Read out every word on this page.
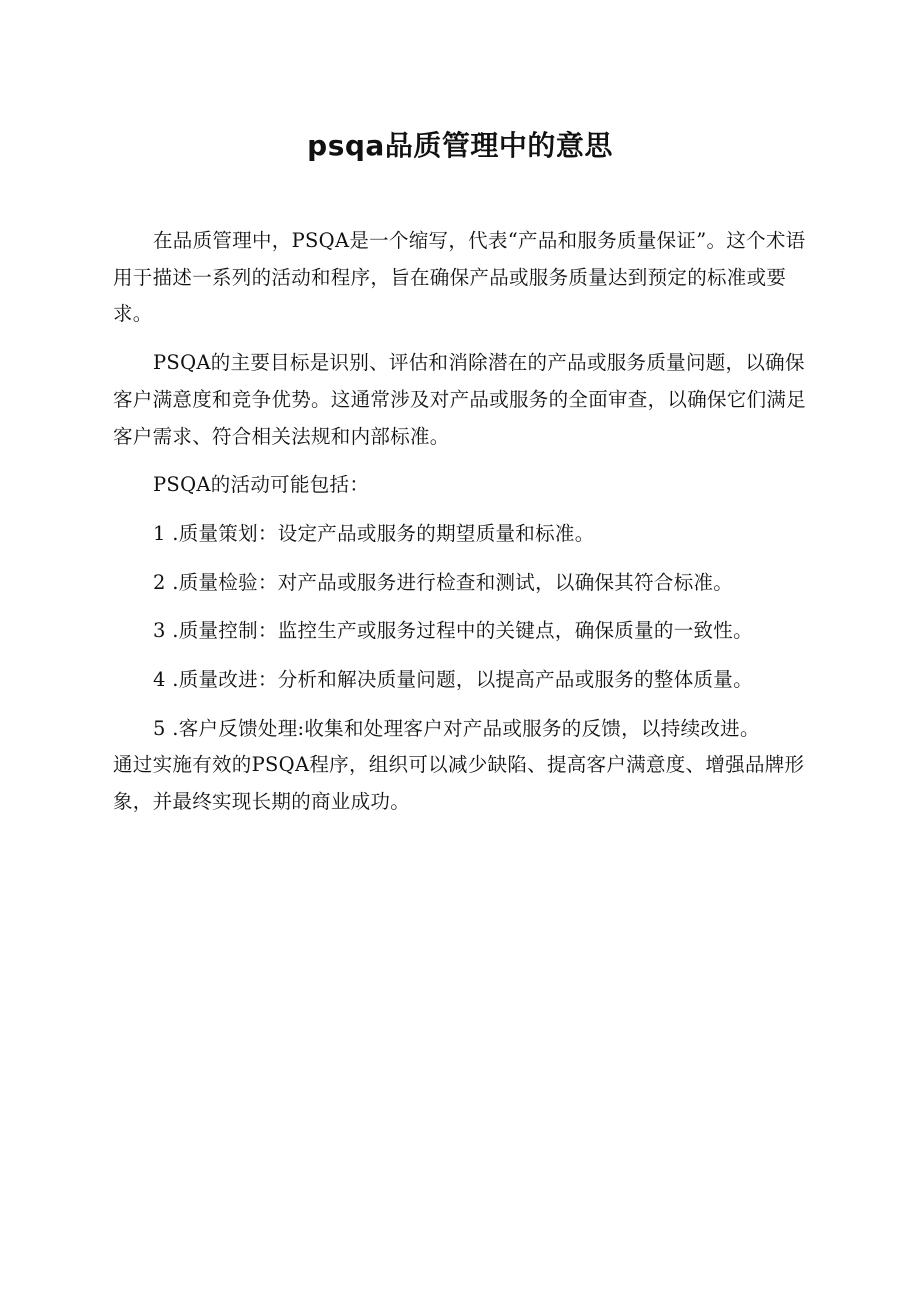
psqa品质管理中的意思

在品质管理中，PSQA是一个缩写，代表“产品和服务质量保证”。这个术语用于描述一系列的活动和程序，旨在确保产品或服务质量达到预定的标准或要求。

PSQA的主要目标是识别、评估和消除潜在的产品或服务质量问题，以确保客户满意度和竞争优势。这通常涉及对产品或服务的全面审查，以确保它们满足客户需求、符合相关法规和内部标准。

PSQA的活动可能包括：

1 .质量策划：设定产品或服务的期望质量和标准。

2 .质量检验：对产品或服务进行检查和测试，以确保其符合标准。

3 .质量控制：监控生产或服务过程中的关键点，确保质量的一致性。

4 .质量改进：分析和解决质量问题，以提高产品或服务的整体质量。

5 .客户反馈处理:收集和处理客户对产品或服务的反馈，以持续改进。

通过实施有效的PSQA程序，组织可以减少缺陷、提高客户满意度、增强品牌形象，并最终实现长期的商业成功。
